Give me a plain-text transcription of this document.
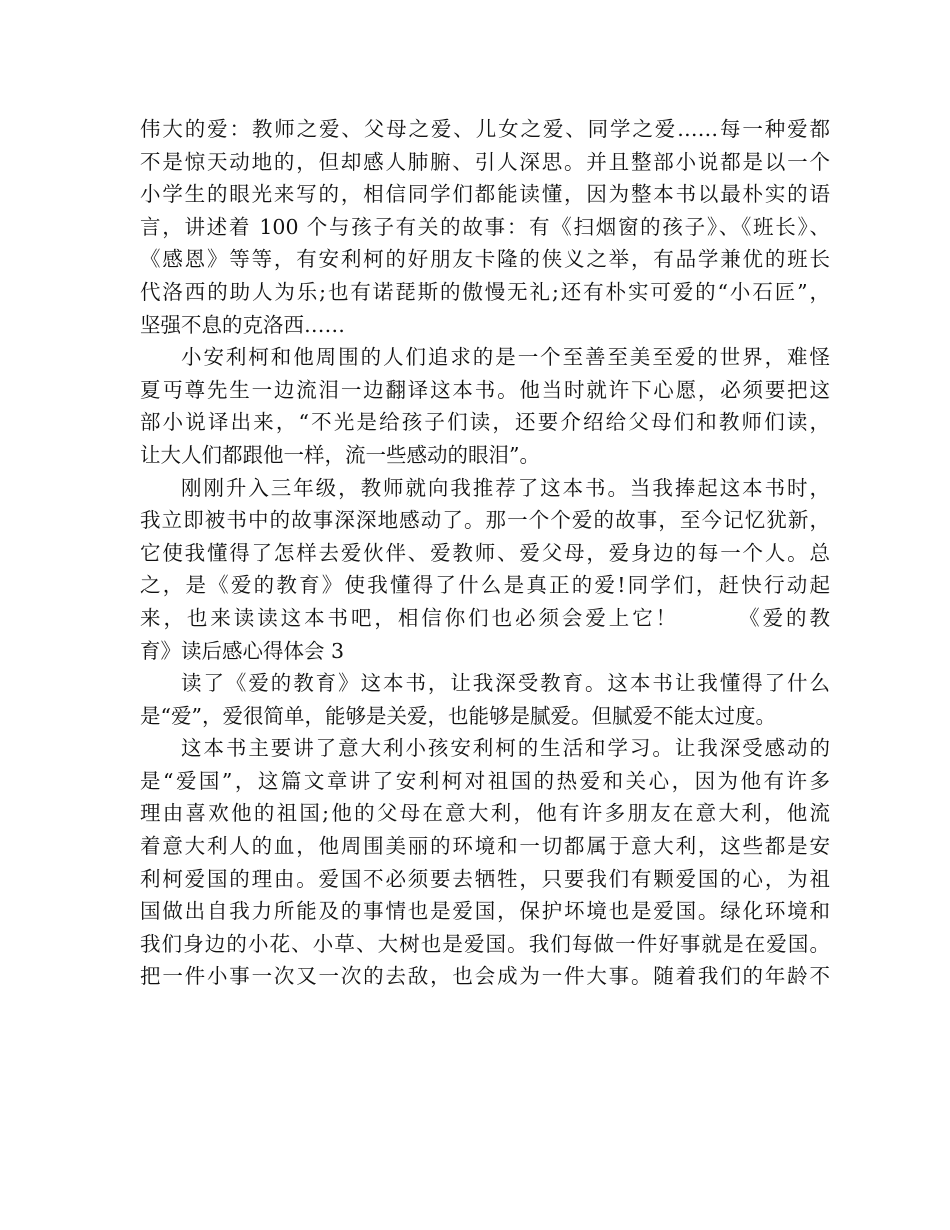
伟大的爱：教师之爱、父母之爱、儿女之爱、同学之爱……每一种爱都
不是惊天动地的，但却感人肺腑、引人深思。并且整部小说都是以一个
小学生的眼光来写的，相信同学们都能读懂，因为整本书以最朴实的语
言，讲述着 100 个与孩子有关的故事：有《扫烟窗的孩子》、《班长》、
《感恩》等等，有安利柯的好朋友卡隆的侠义之举，有品学兼优的班长
代洛西的助人为乐;也有诺琵斯的傲慢无礼;还有朴实可爱的“小石匠”，
坚强不息的克洛西……
小安利柯和他周围的人们追求的是一个至善至美至爱的世界，难怪
夏丏尊先生一边流泪一边翻译这本书。他当时就许下心愿，必须要把这
部小说译出来，“不光是给孩子们读，还要介绍给父母们和教师们读，
让大人们都跟他一样，流一些感动的眼泪”。
刚刚升入三年级，教师就向我推荐了这本书。当我捧起这本书时，
我立即被书中的故事深深地感动了。那一个个爱的故事，至今记忆犹新，
它使我懂得了怎样去爱伙伴、爱教师、爱父母，爱身边的每一个人。总
之，是《爱的教育》使我懂得了什么是真正的爱!同学们，赶快行动起
来，也来读读这本书吧，相信你们也必须会爱上它！　　　《爱的教
育》读后感心得体会 3
读了《爱的教育》这本书，让我深受教育。这本书让我懂得了什么
是“爱”，爱很简单，能够是关爱，也能够是腻爱。但腻爱不能太过度。
这本书主要讲了意大利小孩安利柯的生活和学习。让我深受感动的
是“爱国”，这篇文章讲了安利柯对祖国的热爱和关心，因为他有许多
理由喜欢他的祖国;他的父母在意大利，他有许多朋友在意大利，他流
着意大利人的血，他周围美丽的环境和一切都属于意大利，这些都是安
利柯爱国的理由。爱国不必须要去牺牲，只要我们有颗爱国的心，为祖
国做出自我力所能及的事情也是爱国，保护坏境也是爱国。绿化环境和
我们身边的小花、小草、大树也是爱国。我们每做一件好事就是在爱国。
把一件小事一次又一次的去敌，也会成为一件大事。随着我们的年龄不
